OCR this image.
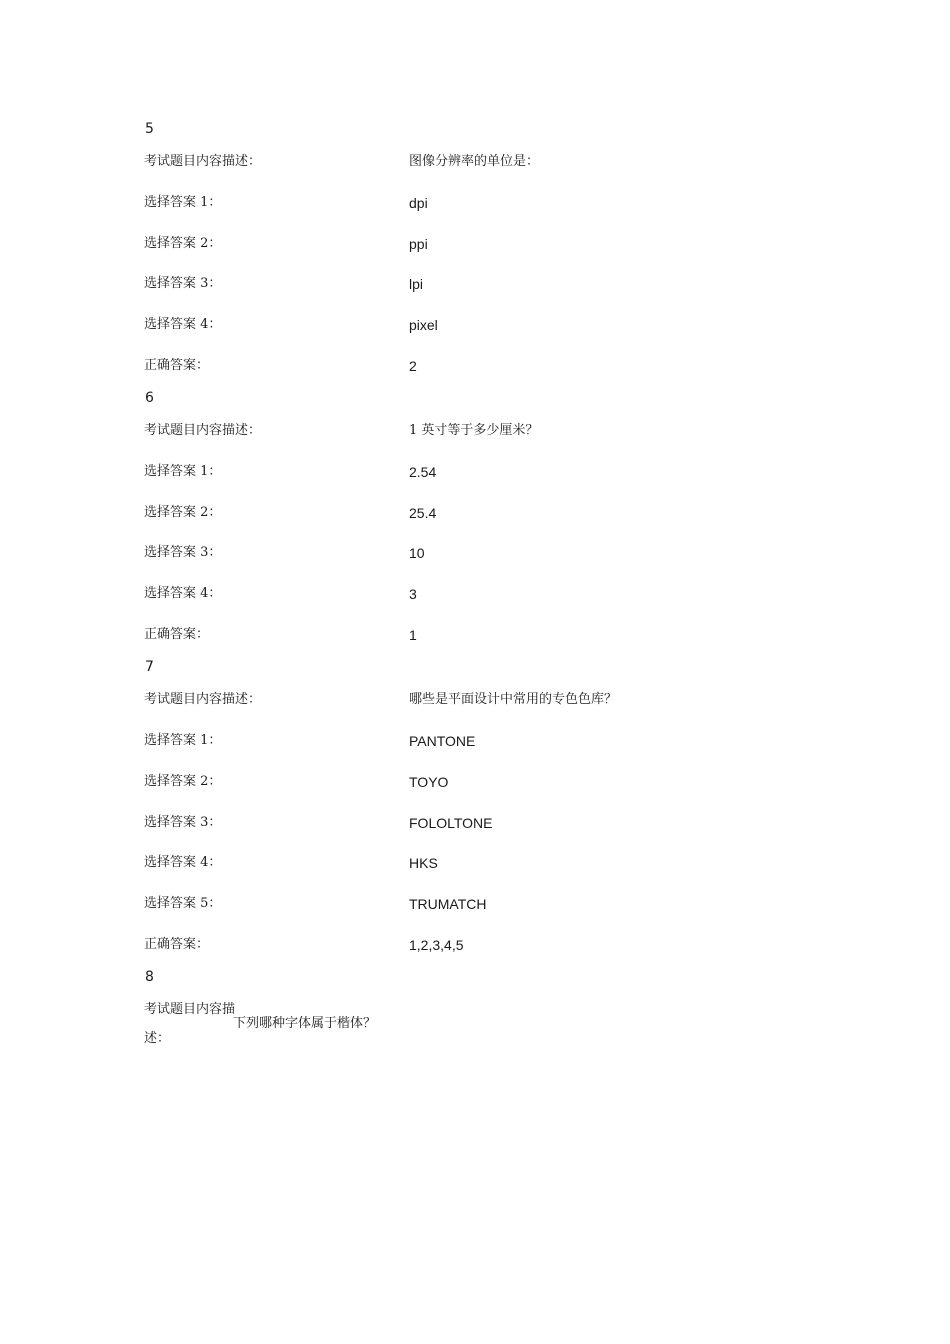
5
考试题目内容描述：	图像分辨率的单位是：
选择答案 1：	dpi
选择答案 2：	ppi
选择答案 3：	lpi
选择答案 4：	pixel
正确答案：	2
6
考试题目内容描述：	1 英寸等于多少厘米？
选择答案 1：	2.54
选择答案 2：	25.4
选择答案 3：	10
选择答案 4：	3
正确答案：	1
7
考试题目内容描述：	哪些是平面设计中常用的专色色库？
选择答案 1：	PANTONE
选择答案 2：	TOYO
选择答案 3：	FOLOLTONE
选择答案 4：	HKS
选择答案 5：	TRUMATCH
正确答案：	1,2,3,4,5
8
考试题目内容描述：
下列哪种字体属于楷体？
